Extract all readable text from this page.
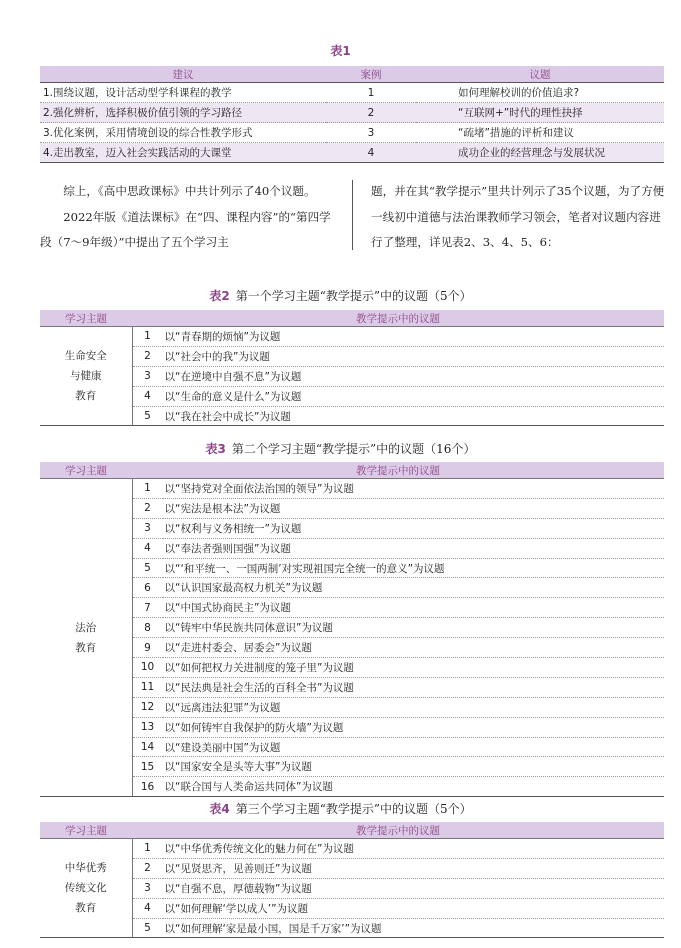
表1
建议	案例	议题
1.围绕议题，设计活动型学科课程的教学	1	如何理解校训的价值追求?
2.强化辨析，选择积极价值引领的学习路径	2	“互联网+”时代的理性抉择
3.优化案例，采用情境创设的综合性教学形式	3	“疏堵”措施的评析和建议
4.走出教室，迈入社会实践活动的大课堂	4	成功企业的经营理念与发展状况

综上，《高中思政课标》中共计列示了40个议题。

2022年版《道法课标》在“四、课程内容”的“第四学段（7～9年级）”中提出了五个学习主

题，并在其“教学提示”里共计列示了35个议题，为了方便一线初中道德与法治课教师学习领会，笔者对议题内容进行了整理，详见表2、3、4、5、6：

表2 第一个学习主题“教学提示”中的议题（5个）
学习主题	教学提示中的议题	

生命安全
与健康
教育	1	以“青春期的烦恼”为议题
	2	以“社会中的我”为议题
	3	以“在逆境中自强不息”为议题
	4	以“生命的意义是什么”为议题
	5	以“我在社会中成长”为议题
表3 第二个学习主题“教学提示”中的议题（16个）
学习主题	教学提示中的议题	

法治
教育	1	以“坚持党对全面依法治国的领导”为议题
	2	以“宪法是根本法”为议题
	3	以“权利与义务相统一”为议题
	4	以“奉法者强则国强”为议题
	5	以“‘和平统一、一国两制’对实现祖国完全统一的意义”为议题
	6	以“认识国家最高权力机关”为议题
	7	以“中国式协商民主”为议题
	8	以“铸牢中华民族共同体意识”为议题
	9	以“走进村委会、居委会”为议题
	10	以“如何把权力关进制度的笼子里”为议题
	11	以“民法典是社会生活的百科全书”为议题
	12	以“远离违法犯罪”为议题
	13	以“如何铸牢自我保护的防火墙”为议题
	14	以“建设美丽中国”为议题
	15	以“国家安全是头等大事”为议题
	16	以“联合国与人类命运共同体”为议题
表4 第三个学习主题“教学提示”中的议题（5个）
学习主题	教学提示中的议题	

中华优秀
传统文化
教育	1	以“中华优秀传统文化的魅力何在”为议题
	2	以“见贤思齐，见善则迁”为议题
	3	以“自强不息，厚德载物”为议题
	4	以“如何理解‘学以成人’”为议题
	5	以“如何理解‘家是最小国，国是千万家’”为议题
